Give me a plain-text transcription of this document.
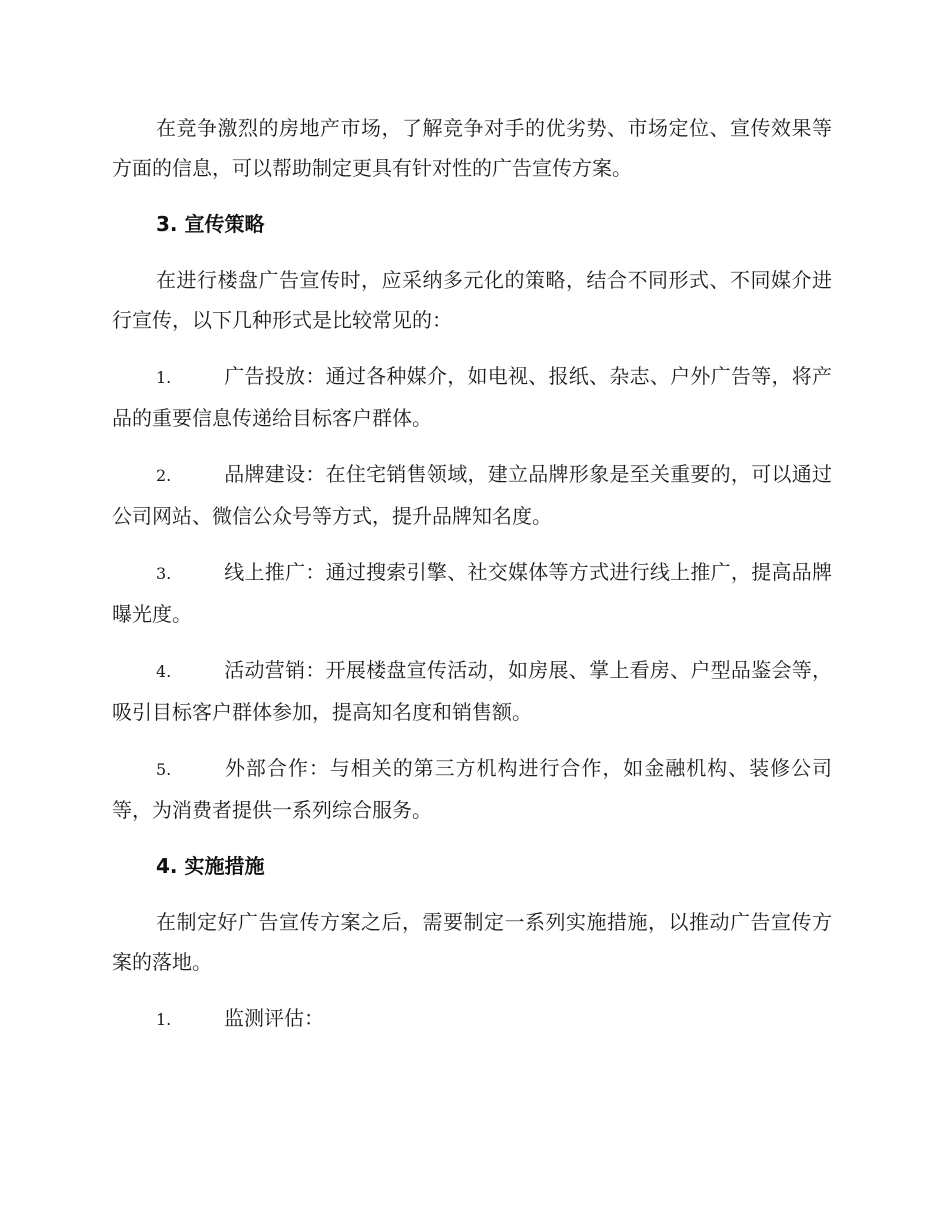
在竞争激烈的房地产市场，了解竞争对手的优劣势、市场定位、宣传效果等方面的信息，可以帮助制定更具有针对性的广告宣传方案。

3. 宣传策略

在进行楼盘广告宣传时，应采纳多元化的策略，结合不同形式、不同媒介进行宣传，以下几种形式是比较常见的：

1.	广告投放：通过各种媒介，如电视、报纸、杂志、户外广告等，将产品的重要信息传递给目标客户群体。

2.	品牌建设：在住宅销售领域，建立品牌形象是至关重要的，可以通过公司网站、微信公众号等方式，提升品牌知名度。

3.	线上推广：通过搜索引擎、社交媒体等方式进行线上推广，提高品牌曝光度。

4.	活动营销：开展楼盘宣传活动，如房展、掌上看房、户型品鉴会等，吸引目标客户群体参加，提高知名度和销售额。

5.	外部合作：与相关的第三方机构进行合作，如金融机构、装修公司等，为消费者提供一系列综合服务。

4. 实施措施

在制定好广告宣传方案之后，需要制定一系列实施措施，以推动广告宣传方案的落地。

1.	监测评估：
